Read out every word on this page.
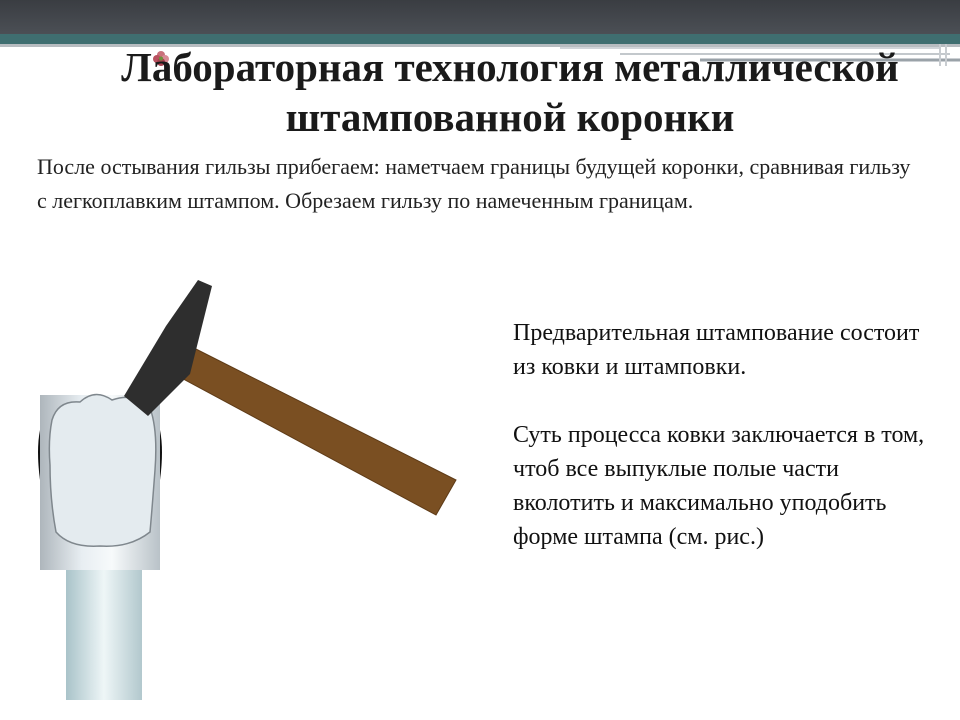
Лабораторная технология металлической штампованной коронки

После остывания гильзы прибегаем: наметчаем границы будущей коронки, сравнивая гильзу с легкоплавким штампом. Обрезаем гильзу по намеченным границам.

Предварительная штампование состоит из ковки и штамповки.

Суть процесса ковки заключается в том, чтоб все выпуклые полые части вколотить и максимально уподобить форме штампа (см. рис.)
